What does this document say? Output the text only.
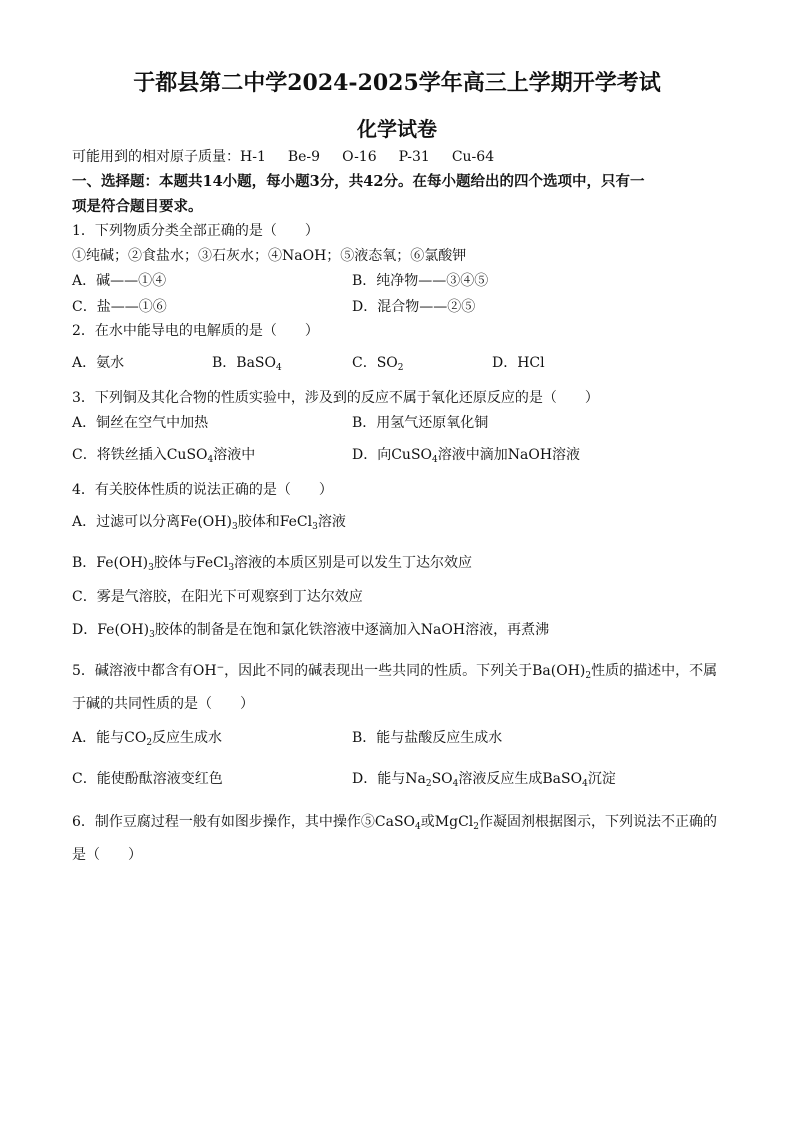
于都县第二中学2024-2025学年高三上学期开学考试
化学试卷
可能用到的相对原子质量：H-1 Be-9 O-16 P-31 Cu-64
一、选择题：本题共14小题，每小题3分，共42分。在每小题给出的四个选项中，只有一
项是符合题目要求。
1．下列物质分类全部正确的是（　　）
①纯碱；②食盐水；③石灰水；④NaOH；⑤液态氧；⑥氯酸钾
A．碱——①④	B．纯净物——③④⑤
C．盐——①⑥	D．混合物——②⑤
2．在水中能导电的电解质的是（　　）
A．氨水	B．BaSO$_4$	C．$SO_2$	D．HCl
3．下列铜及其化合物的性质实验中，涉及到的反应不属于氧化还原反应的是（　　）
A．铜丝在空气中加热	B．用氢气还原氧化铜
C．将铁丝插入CuSO$_4$溶液中	D．向CuSO$_4$溶液中滴加NaOH溶液
4．有关胶体性质的说法正确的是（　　）
A．过滤可以分离$Fe(OH)_3$胶体和FeCl$_3$溶液
B．$Fe(OH)_3$胶体与FeCl$_3$溶液的本质区别是可以发生丁达尔效应
C．雾是气溶胶，在阳光下可观察到丁达尔效应
D．$Fe(OH)_3$胶体的制备是在饱和氯化铁溶液中逐滴加入NaOH溶液，再煮沸
5．碱溶液中都含有OH−，因此不同的碱表现出一些共同的性质。下列关于$Ba(OH)_2$性质的描述中，不属
于碱的共同性质的是（　　）
A．能与$CO_2$反应生成水	B．能与盐酸反应生成水
C．能使酚酞溶液变红色	D．能与$Na_2SO_4$溶液反应生成BaSO$_4$沉淀
6．制作豆腐过程一般有如图步操作，其中操作⑤CaSO$_4$或MgCl$_2$作凝固剂根据图示，下列说法不正确的
是（　　）
